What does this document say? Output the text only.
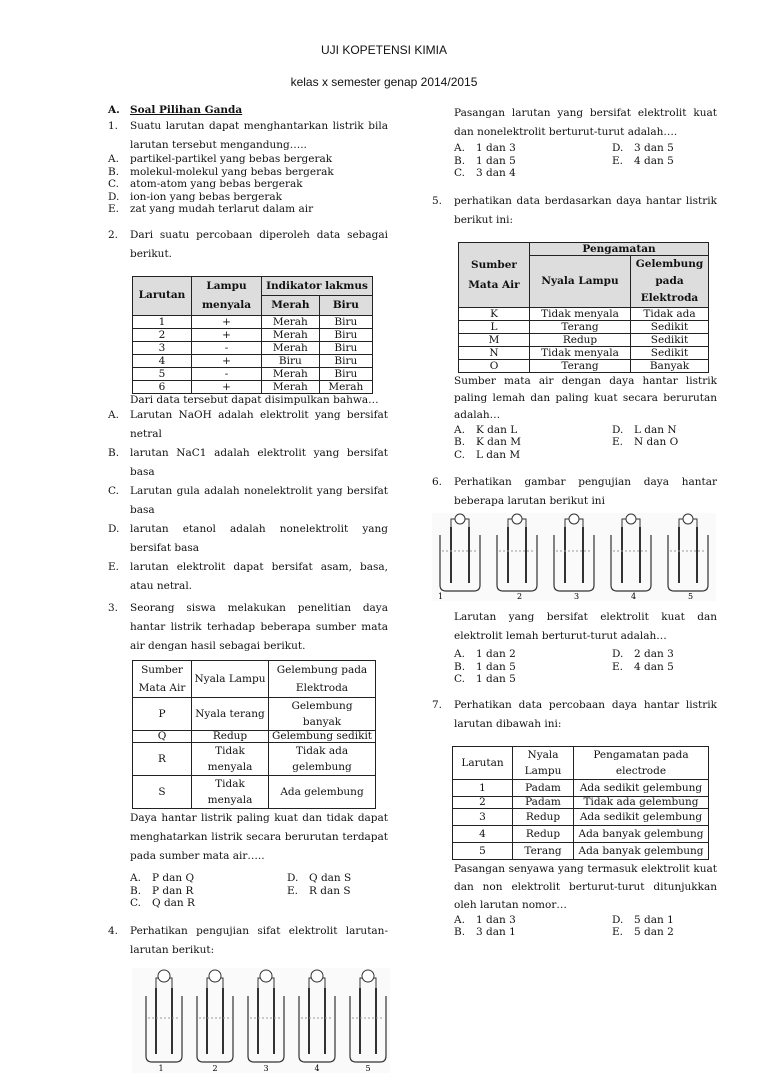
UJI KOPETENSI KIMIA
kelas x semester genap 2014/2015
A. Soal Pilihan Ganda
1. Suatu larutan dapat menghantarkan listrik bila larutan tersebut mengandung…..
A. partikel-partikel yang bebas bergerak
B. molekul-molekul yang bebas bergerak
C. atom-atom yang bebas bergerak
D. ion-ion yang bebas bergerak
E. zat yang mudah terlarut dalam air
2. Dari suatu percobaan diperoleh data sebagai berikut.
Larutan	Lampu menyala	Indikator lakmus	
		Merah	Biru
1	+	Merah	Biru
2	+	Merah	Biru
3	-	Merah	Biru
4	+	Biru	Biru
5	-	Merah	Biru
6	+	Merah	Merah
Dari data tersebut dapat disimpulkan bahwa…
A. Larutan NaOH adalah elektrolit yang bersifat netral
B. larutan NaC1 adalah elektrolit yang bersifat basa
C. Larutan gula adalah nonelektrolit yang bersifat basa
D. larutan etanol adalah nonelektrolit yang bersifat basa
E. larutan elektrolit dapat bersifat asam, basa, atau netral.
3. Seorang siswa melakukan penelitian daya hantar listrik terhadap beberapa sumber mata air dengan hasil sebagai berikut.
Sumber Mata Air	Nyala Lampu	Gelembung pada Elektroda
P	Nyala terang	Gelembung banyak
Q	Redup	Gelembung sedikit
R	Tidak menyala	Tidak ada gelembung
S	Tidak menyala	Ada gelembung
Daya hantar listrik paling kuat dan tidak dapat menghatarkan listrik secara berurutan terdapat pada sumber mata air…..
A. P dan Q	D. Q dan S
B. P dan R	E. R dan S
C. Q dan R
4. Perhatikan pengujian sifat elektrolit larutan-larutan berikut:
1	2	3	4	5
Pasangan larutan yang bersifat elektrolit kuat dan nonelektrolit berturut-turut adalah….
A. 1 dan 3	D. 3 dan 5
B. 1 dan 5	E. 4 dan 5
C. 3 dan 4
5. perhatikan data berdasarkan daya hantar listrik berikut ini:
Sumber Mata Air	Pengamatan	
	Nyala Lampu	Gelembung pada Elektroda
K	Tidak menyala	Tidak ada
L	Terang	Sedikit
M	Redup	Sedikit
N	Tidak menyala	Sedikit
O	Terang	Banyak
Sumber mata air dengan daya hantar listrik paling lemah dan paling kuat secara berurutan adalah…
A. K dan L	D. L dan N
B. K dan M	E. N dan O
C. L dan M
6. Perhatikan gambar pengujian daya hantar beberapa larutan berikut ini
1	2	3	4	5
Larutan yang bersifat elektrolit kuat dan elektrolit lemah berturut-turut adalah…
A. 1 dan 2	D. 2 dan 3
B. 1 dan 5	E. 4 dan 5
C. 1 dan 5
7. Perhatikan data percobaan daya hantar listrik larutan dibawah ini:
Larutan	Nyala Lampu	Pengamatan pada electrode
1	Padam	Ada sedikit gelembung
2	Padam	Tidak ada gelembung
3	Redup	Ada sedikit gelembung
4	Redup	Ada banyak gelembung
5	Terang	Ada banyak gelembung
Pasangan senyawa yang termasuk elektrolit kuat dan non elektrolit berturut-turut ditunjukkan oleh larutan nomor…
A. 1 dan 3	D. 5 dan 1
B. 3 dan 1	E. 5 dan 2
